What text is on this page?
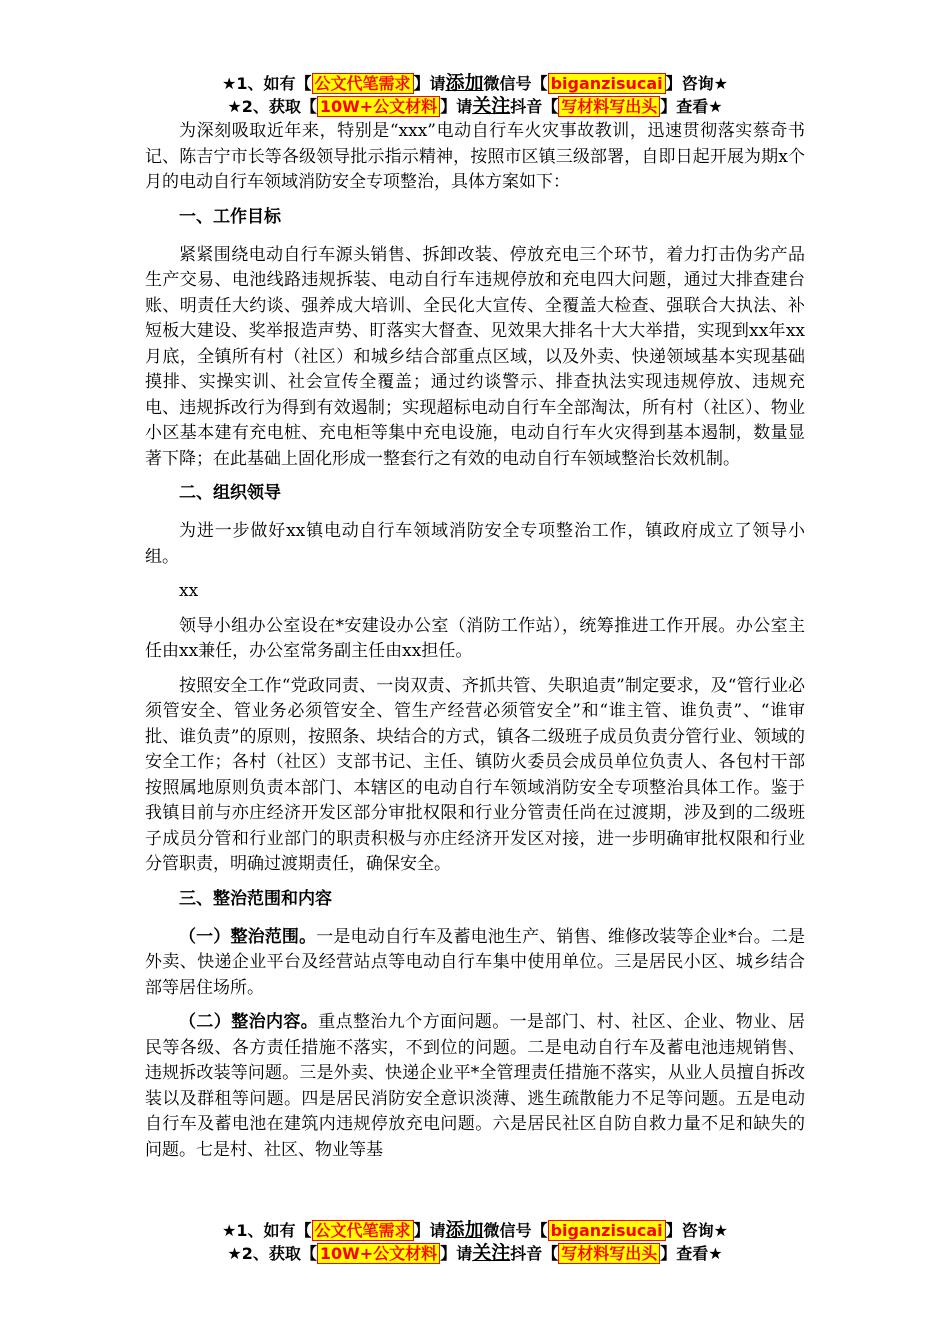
★1、如有【 公文代笔需求 】请添加微信号【 biganzisucai 】咨询★
★2、获取【 10W+公文材料 】请关注抖音【 写材料写出头 】查看★

为深刻吸取近年来，特别是“xxx”电动自行车火灾事故教训，迅速贯彻落实蔡奇书记、陈吉宁市长等各级领导批示指示精神，按照市区镇三级部署，自即日起开展为期x个月的电动自行车领域消防安全专项整治，具体方案如下：

一、工作目标

紧紧围绕电动自行车源头销售、拆卸改装、停放充电三个环节，着力打击伪劣产品生产交易、电池线路违规拆装、电动自行车违规停放和充电四大问题，通过大排查建台账、明责任大约谈、强养成大培训、全民化大宣传、全覆盖大检查、强联合大执法、补短板大建设、奖举报造声势、盯落实大督查、见效果大排名十大大举措，实现到xx年xx月底，全镇所有村（社区）和城乡结合部重点区域，以及外卖、快递领域基本实现基础摸排、实操实训、社会宣传全覆盖；通过约谈警示、排查执法实现违规停放、违规充电、违规拆改行为得到有效遏制；实现超标电动自行车全部淘汰，所有村（社区）、物业小区基本建有充电桩、充电柜等集中充电设施，电动自行车火灾得到基本遏制，数量显著下降；在此基础上固化形成一整套行之有效的电动自行车领域整治长效机制。

二、组织领导

为进一步做好xx镇电动自行车领域消防安全专项整治工作，镇政府成立了领导小组。

xx

领导小组办公室设在*安建设办公室（消防工作站），统筹推进工作开展。办公室主任由xx兼任，办公室常务副主任由xx担任。

按照安全工作“党政同责、一岗双责、齐抓共管、失职追责”制定要求，及“管行业必须管安全、管业务必须管安全、管生产经营必须管安全”和“谁主管、谁负责”、“谁审批、谁负责”的原则，按照条、块结合的方式，镇各二级班子成员负责分管行业、领域的安全工作；各村（社区）支部书记、主任、镇防火委员会成员单位负责人、各包村干部按照属地原则负责本部门、本辖区的电动自行车领域消防安全专项整治具体工作。鉴于我镇目前与亦庄经济开发区部分审批权限和行业分管责任尚在过渡期，涉及到的二级班子成员分管和行业部门的职责积极与亦庄经济开发区对接，进一步明确审批权限和行业分管职责，明确过渡期责任，确保安全。

三、整治范围和内容

（一）整治范围。一是电动自行车及蓄电池生产、销售、维修改装等企业*台。二是外卖、快递企业平台及经营站点等电动自行车集中使用单位。三是居民小区、城乡结合部等居住场所。

（二）整治内容。重点整治九个方面问题。一是部门、村、社区、企业、物业、居民等各级、各方责任措施不落实，不到位的问题。二是电动自行车及蓄电池违规销售、违规拆改装等问题。三是外卖、快递企业平*全管理责任措施不落实，从业人员擅自拆改装以及群租等问题。四是居民消防安全意识淡薄、逃生疏散能力不足等问题。五是电动自行车及蓄电池在建筑内违规停放充电问题。六是居民社区自防自救力量不足和缺失的问题。七是村、社区、物业等基

★1、如有【 公文代笔需求 】请添加微信号【 biganzisucai 】咨询★
★2、获取【 10W+公文材料 】请关注抖音【 写材料写出头 】查看★
